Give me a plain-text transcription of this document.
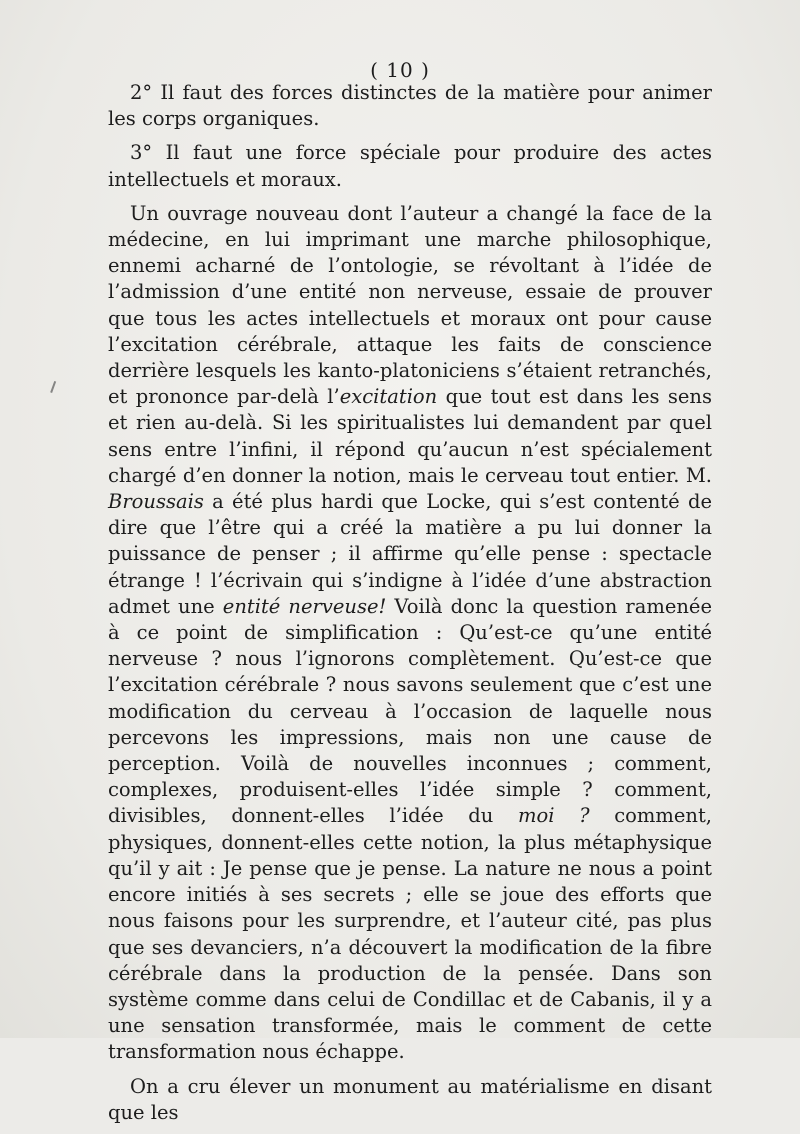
( 10 )

2° Il faut des forces distinctes de la matière pour animer les corps organiques.

3° Il faut une force spéciale pour produire des actes intellectuels et moraux.

Un ouvrage nouveau dont l’auteur a changé la face de la médecine, en lui imprimant une marche philosophique, ennemi acharné de l’ontologie, se révoltant à l’idée de l’admission d’une entité non nerveuse, essaie de prouver que tous les actes intellectuels et moraux ont pour cause l’excitation cérébrale, attaque les faits de conscience derrière lesquels les kanto-platoniciens s’étaient retranchés, et prononce par-delà l’excitation que tout est dans les sens et rien au-delà. Si les spiritualistes lui demandent par quel sens entre l’infini, il répond qu’aucun n’est spécialement chargé d’en donner la notion, mais le cerveau tout entier. M. Broussais a été plus hardi que Locke, qui s’est contenté de dire que l’être qui a créé la matière a pu lui donner la puissance de penser ; il affirme qu’elle pense : spectacle étrange ! l’écrivain qui s’indigne à l’idée d’une abstraction admet une entité nerveuse! Voilà donc la question ramenée à ce point de simplification : Qu’est-ce qu’une entité nerveuse ? nous l’ignorons complètement. Qu’est-ce que l’excitation cérébrale ? nous savons seulement que c’est une modification du cerveau à l’occasion de laquelle nous percevons les impressions, mais non une cause de perception. Voilà de nouvelles inconnues ; comment, complexes, produisent-elles l’idée simple ? comment, divisibles, donnent-elles l’idée du moi ? comment, physiques, donnent-elles cette notion, la plus métaphysique qu’il y ait : Je pense que je pense. La nature ne nous a point encore initiés à ses secrets ; elle se joue des efforts que nous faisons pour les surprendre, et l’auteur cité, pas plus que ses devanciers, n’a découvert la modification de la fibre cérébrale dans la production de la pensée. Dans son système comme dans celui de Condillac et de Cabanis, il y a une sensation transformée, mais le comment de cette transformation nous échappe.

On a cru élever un monument au matérialisme en disant que les
